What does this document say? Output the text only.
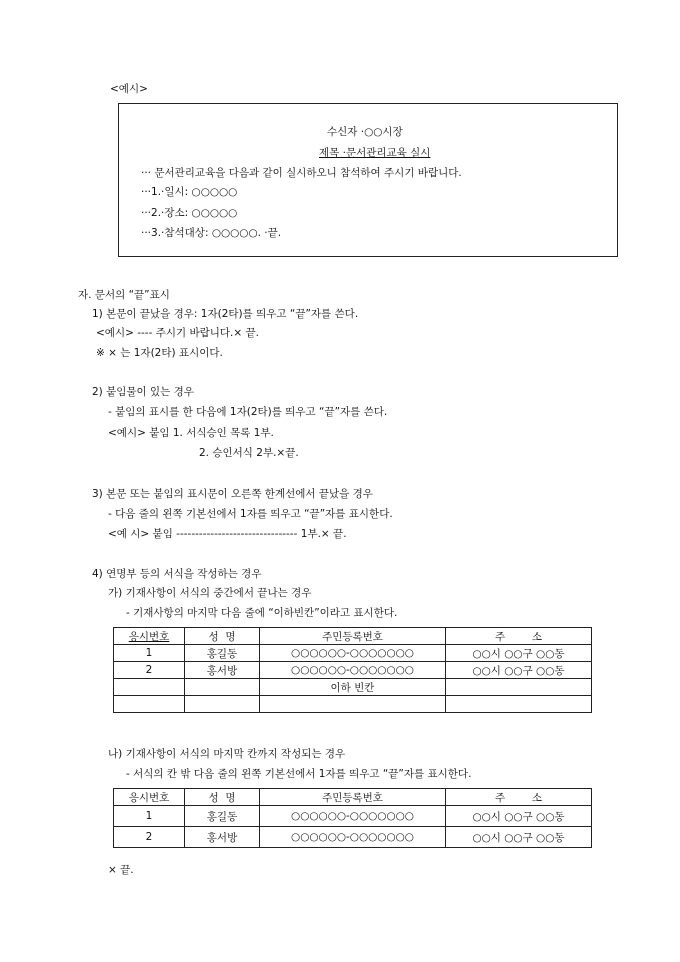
<예시>
수신자 ·○○시장
제목 ·문서관리교육 실시
··· 문서관리교육을 다음과 같이 실시하오니 참석하여 주시기 바랍니다.
···1.·일시: ○○○○○
···2.·장소: ○○○○○
···3.·참석대상: ○○○○○. ·끝.
자. 문서의 “끝”표시
1) 본문이 끝났을 경우: 1자(2타)를 띄우고 “끝”자를 쓴다.
<예시> ---- 주시기 바랍니다.× 끝.
※ × 는 1자(2타) 표시이다.
2) 붙임물이 있는 경우
- 붙임의 표시를 한 다음에 1자(2타)를 띄우고 “끝”자를 쓴다.
<예시> 붙임 1. 서식승인 목록 1부.
2. 승인서식 2부.×끝.
3) 본문 또는 붙임의 표시문이 오른쪽 한계선에서 끝났을 경우
- 다음 줄의 왼쪽 기본선에서 1자를 띄우고 “끝”자를 표시한다.
<예 시> 붙임 -------------------------------- 1부.× 끝.
4) 연명부 등의 서식을 작성하는 경우
가) 기재사항이 서식의 중간에서 끝나는 경우
- 기재사항의 마지막 다음 줄에 “이하빈칸”이라고 표시한다.
응시번호	성  명	주민등록번호	주        소
1	홍길동	○○○○○○-○○○○○○○	○○시 ○○구 ○○동
2	홍서방	○○○○○○-○○○○○○○	○○시 ○○구 ○○동
		이하 빈칸	

나) 기재사항이 서식의 마지막 칸까지 작성되는 경우
- 서식의 칸 밖 다음 줄의 왼쪽 기본선에서 1자를 띄우고 “끝”자를 표시한다.
응시번호	성  명	주민등록번호	주        소
1	홍길동	○○○○○○-○○○○○○○	○○시 ○○구 ○○동
2	홍서방	○○○○○○-○○○○○○○	○○시 ○○구 ○○동
× 끝.
